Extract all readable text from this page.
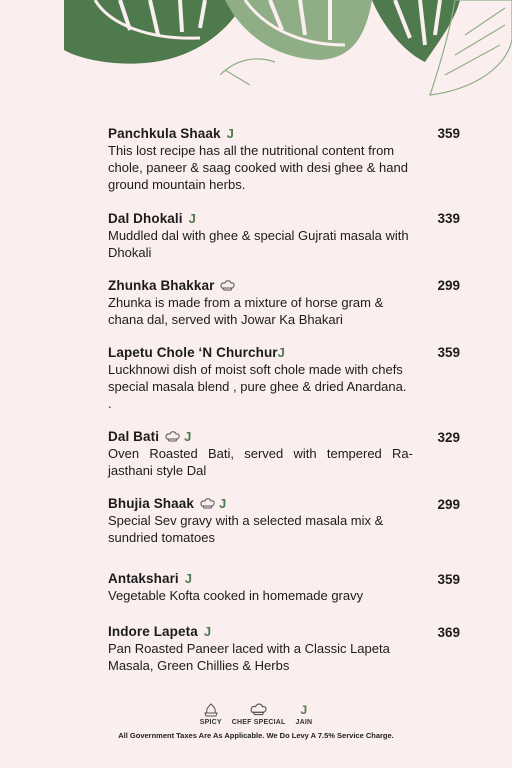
Panchkula Shaak J
This lost recipe has all the nutritional content from chole, paneer & saag cooked with desi ghee & hand ground mountain herbs.
359
Dal Dhokali J
Muddled dal with ghee & special Gujrati masala with Dhokali
339
Zhunka Bhakkar
Zhunka is made from a mixture of horse gram & chana dal, served with Jowar Ka Bhakari
299
Lapetu Chole ‘N Churchur J
Luckhnowi dish of moist soft chole made with chefs special masala blend , pure ghee & dried Anardana. .
359
Dal Bati J
Oven Roasted Bati, served with tempered Rajasthani style Dal
329
Bhujia Shaak J
Special Sev gravy with a selected masala mix & sundried tomatoes
299
Antakshari J
Vegetable Kofta cooked in homemade gravy
359
Indore Lapeta J
Pan Roasted Paneer laced with a Classic Lapeta Masala, Green Chillies & Herbs
369
SPICY CHEF SPECIAL
J
JAIN
All Government Taxes Are As Applicable. We Do Levy A 7.5% Service Charge.
